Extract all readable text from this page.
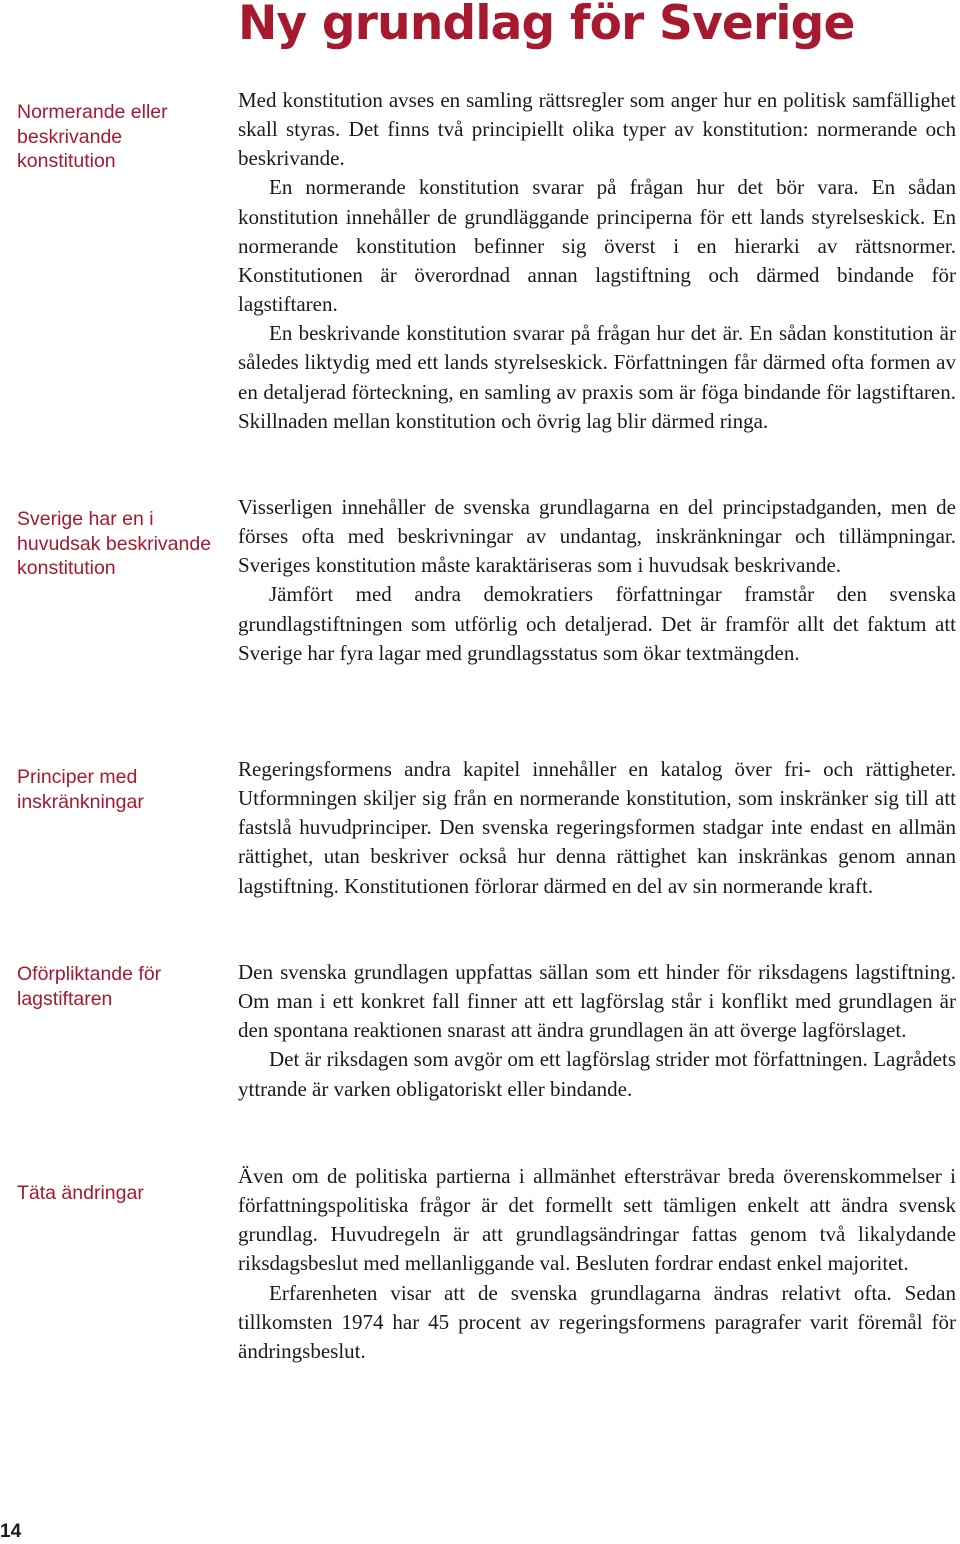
Ny grundlag för Sverige
Normerande eller beskrivande konstitution

Med konstitution avses en samling rättsregler som anger hur en politisk samfällighet skall styras. Det finns två principiellt olika typer av konstitution: normerande och beskrivande.

En normerande konstitution svarar på frågan hur det bör vara. En sådan konstitution innehåller de grundläggande principerna för ett lands styrelseskick. En normerande konstitution befinner sig överst i en hierarki av rättsnormer. Konstitutionen är överordnad annan lagstiftning och därmed bindande för lagstiftaren.

En beskrivande konstitution svarar på frågan hur det är. En sådan konstitution är således liktydig med ett lands styrelseskick. Författningen får därmed ofta formen av en detaljerad förteckning, en samling av praxis som är föga bindande för lagstiftaren. Skillnaden mellan konstitution och övrig lag blir därmed ringa.

Sverige har en i huvudsak beskrivande konstitution

Visserligen innehåller de svenska grundlagarna en del principstadganden, men de förses ofta med beskrivningar av undantag, inskränkningar och tillämpningar. Sveriges konstitution måste karaktäriseras som i huvudsak beskrivande.

Jämfört med andra demokratiers författningar framstår den svenska grundlagstiftningen som utförlig och detaljerad. Det är framför allt det faktum att Sverige har fyra lagar med grundlagsstatus som ökar textmängden.

Principer med inskränkningar

Regeringsformens andra kapitel innehåller en katalog över fri- och rättigheter. Utformningen skiljer sig från en normerande konstitution, som inskränker sig till att fastslå huvudprinciper. Den svenska regeringsformen stadgar inte endast en allmän rättighet, utan beskriver också hur denna rättighet kan inskränkas genom annan lagstiftning. Konstitutionen förlorar därmed en del av sin normerande kraft.

Oförpliktande för lagstiftaren

Den svenska grundlagen uppfattas sällan som ett hinder för riksdagens lagstiftning. Om man i ett konkret fall finner att ett lagförslag står i konflikt med grundlagen är den spontana reaktionen snarast att ändra grundlagen än att överge lagförslaget.

Det är riksdagen som avgör om ett lagförslag strider mot författningen. Lagrådets yttrande är varken obligatoriskt eller bindande.

Täta ändringar

Även om de politiska partierna i allmänhet eftersträvar breda överenskommelser i författningspolitiska frågor är det formellt sett tämligen enkelt att ändra svensk grundlag. Huvudregeln är att grundlagsändringar fattas genom två likalydande riksdagsbeslut med mellanliggande val. Besluten fordrar endast enkel majoritet.

Erfarenheten visar att de svenska grundlagarna ändras relativt ofta. Sedan tillkomsten 1974 har 45 procent av regeringsformens paragrafer varit föremål för ändringsbeslut.

14
